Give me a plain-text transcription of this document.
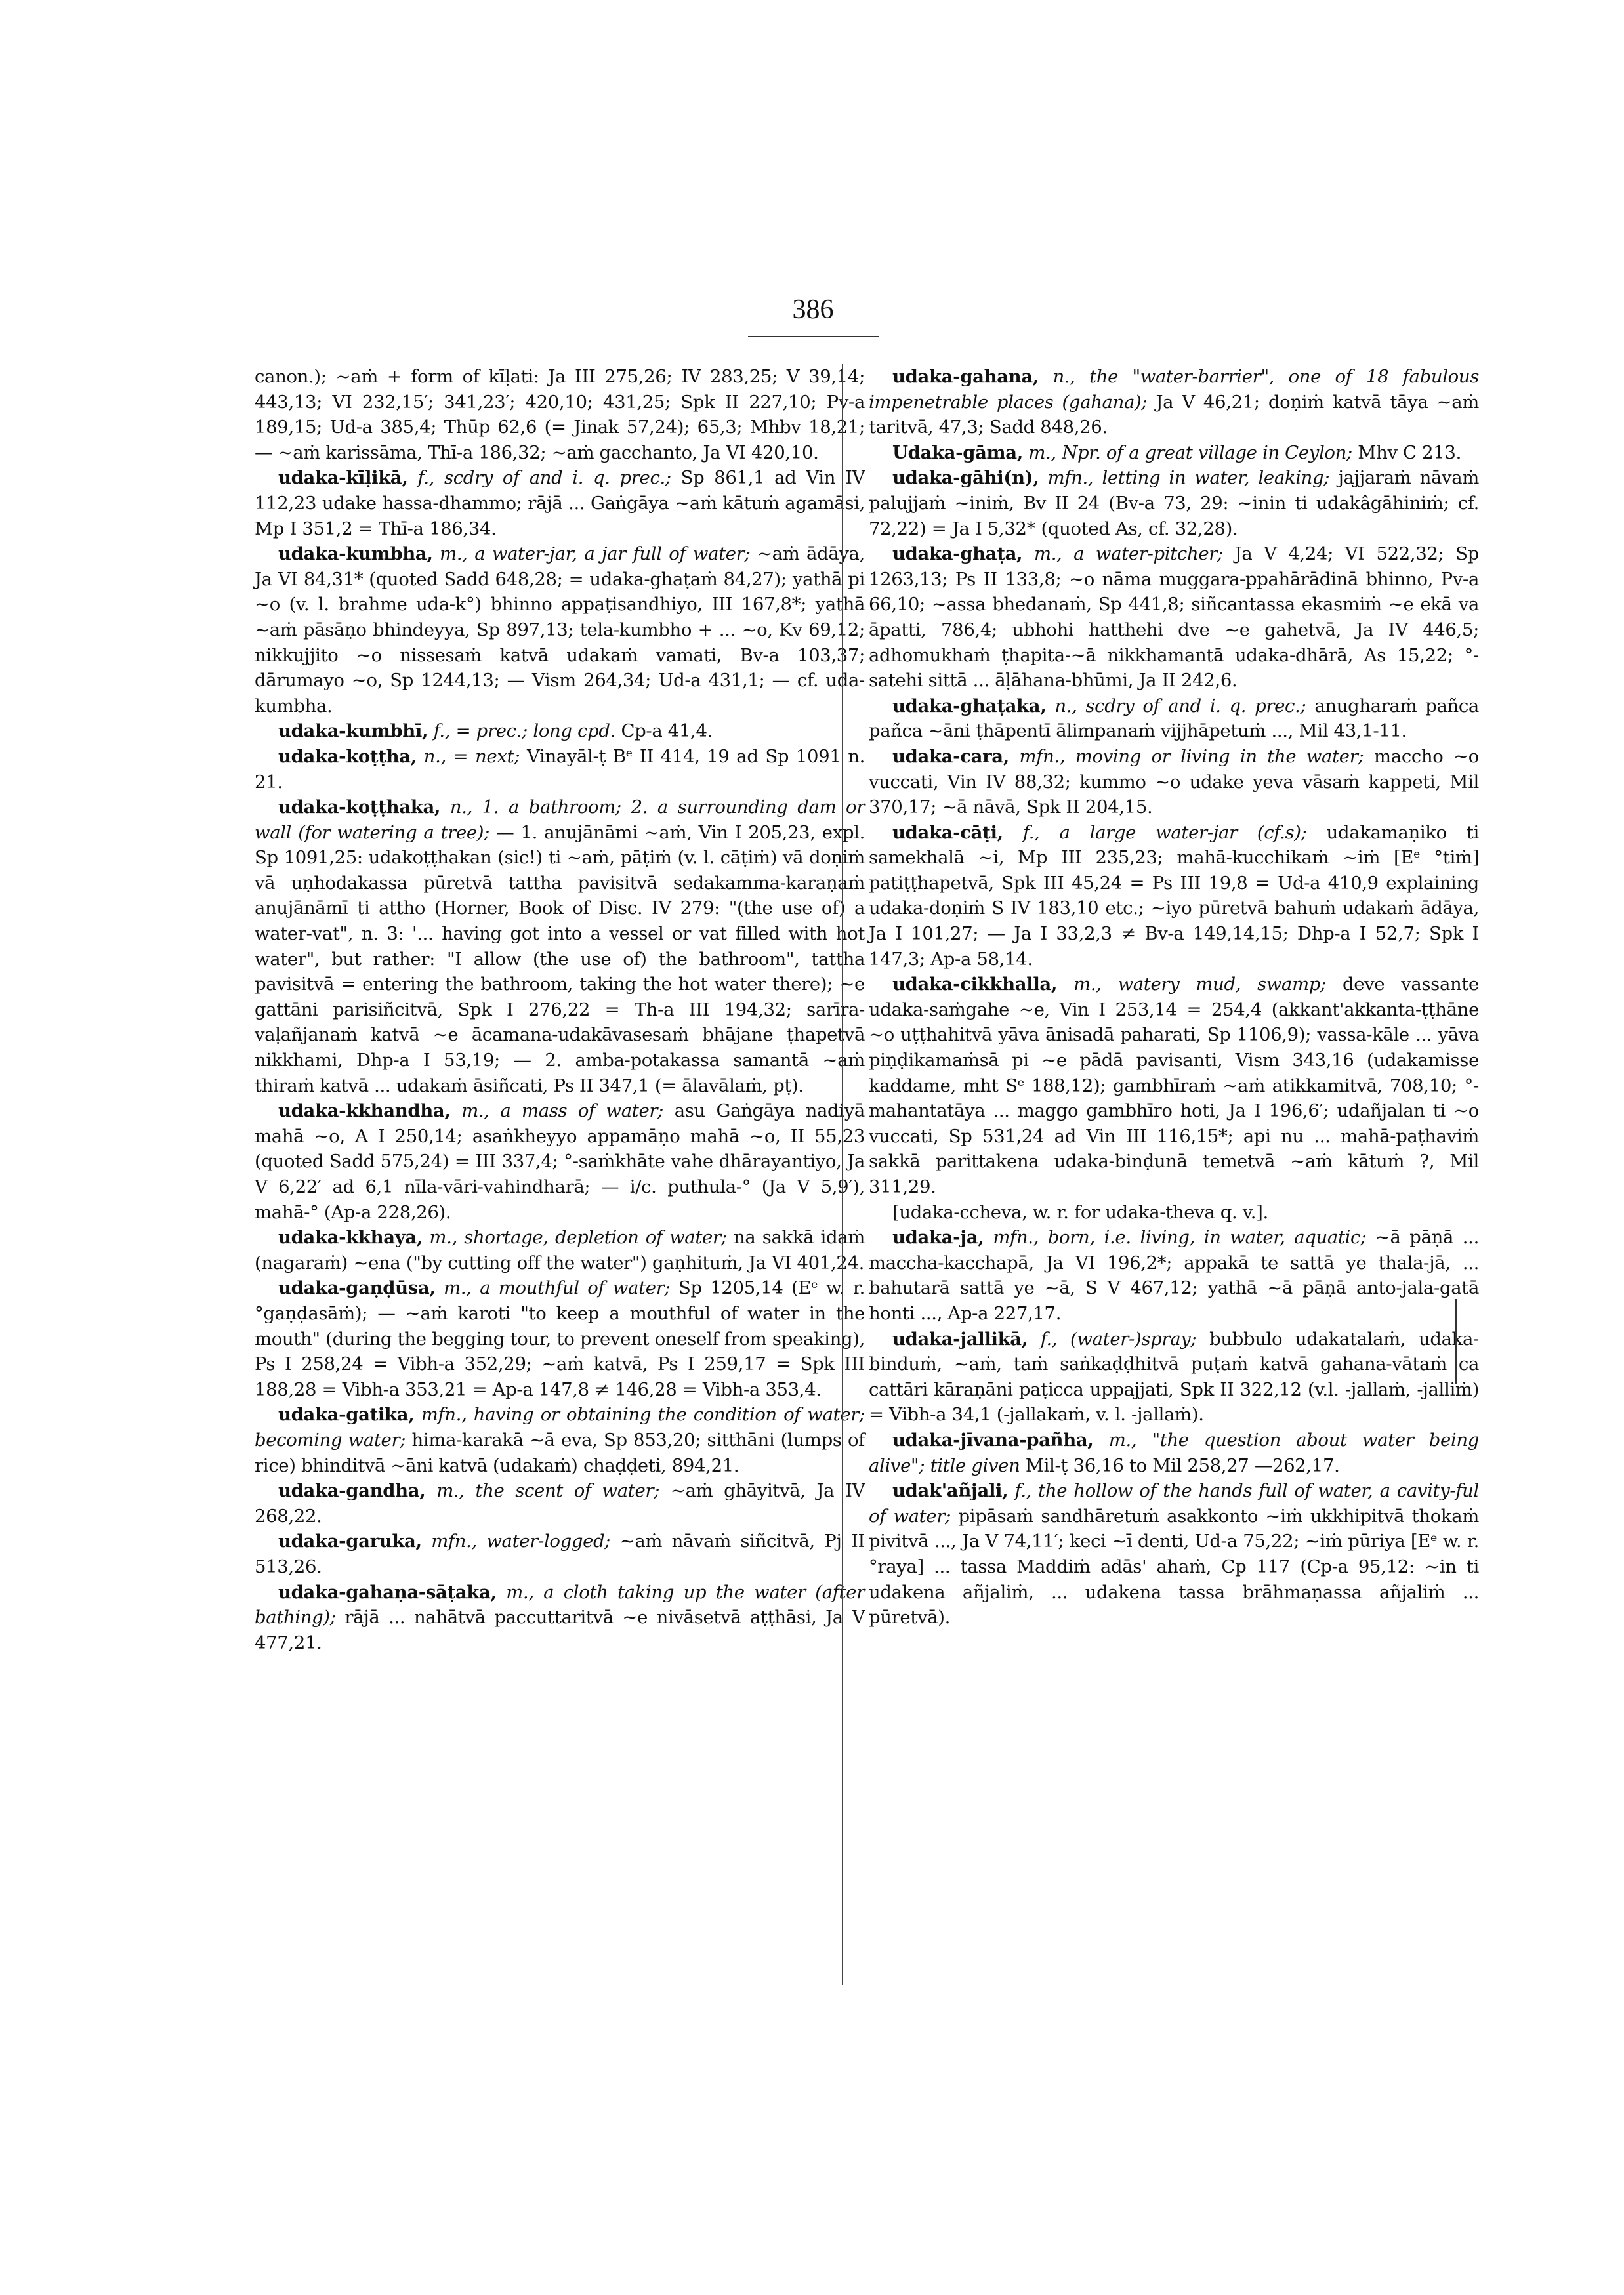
386

canon.); ~aṁ + form of kīḷati: Ja III 275,26; IV 283,25; V 39,14; 443,13; VI 232,15′; 341,23′; 420,10; 431,25; Spk II 227,10; Pv-a 189,15; Ud-a 385,4; Thūp 62,6 (= Jinak 57,24); 65,3; Mhbv 18,21; — ~aṁ karissāma, Thī-a 186,32; ~aṁ gacchanto, Ja VI 420,10.

udaka-kīḷikā, f., scdry of and i. q. prec.; Sp 861,1 ad Vin IV 112,23 udake hassa-dhammo; rājā ... Gaṅgāya ~aṁ kātuṁ agamāsi, Mp I 351,2 = Thī-a 186,34.

udaka-kumbha, m., a water-jar, a jar full of water; ~aṁ ādāya, Ja VI 84,31* (quoted Sadd 648,28; = udaka-ghaṭaṁ 84,27); yathā pi ~o (v. l. brahme uda-k°) bhinno appaṭisandhiyo, III 167,8*; yathā ~aṁ pāsāṇo bhindeyya, Sp 897,13; tela-kumbho + ... ~o, Kv 69,12; nikkujjito ~o nissesaṁ katvā udakaṁ vamati, Bv-a 103,37; dārumayo ~o, Sp 1244,13; — Vism 264,34; Ud-a 431,1; — cf. uda-kumbha.

udaka-kumbhī, f., = prec.; long cpd. Cp-a 41,4.

udaka-koṭṭha, n., = next; Vinayāl-ṭ Bᵉ II 414, 19 ad Sp 1091 n. 21.

udaka-koṭṭhaka, n., 1. a bathroom; 2. a surrounding dam or wall (for watering a tree); — 1. anujānāmi ~aṁ, Vin I 205,23, expl. Sp 1091,25: udakoṭṭhakan (sic!) ti ~aṁ, pāṭiṁ (v. l. cāṭiṁ) vā doṇiṁ vā uṇhodakassa pūretvā tattha pavisitvā sedakamma-karaṇaṁ anujānāmī ti attho (Horner, Book of Disc. IV 279: "(the use of) a water-vat", n. 3: '... having got into a vessel or vat filled with hot water", but rather: "I allow (the use of) the bathroom", tattha pavisitvā = entering the bathroom, taking the hot water there); ~e gattāni parisiñcitvā, Spk I 276,22 = Th-a III 194,32; sarīra-vaḷañjanaṁ katvā ~e ācamana-udakāvasesaṁ bhājane ṭhapetvā nikkhami, Dhp-a I 53,19; — 2. amba-potakassa samantā ~aṁ thiraṁ katvā ... udakaṁ āsiñcati, Ps II 347,1 (= ālavālaṁ, pṭ).

udaka-kkhandha, m., a mass of water; asu Gaṅgāya nadiyā mahā ~o, A I 250,14; asaṅkheyyo appamāṇo mahā ~o, II 55,23 (quoted Sadd 575,24) = III 337,4; °-saṁkhāte vahe dhārayantiyo, Ja V 6,22′ ad 6,1 nīla-vāri-vahindharā; — i/c. puthula-° (Ja V 5,9′), mahā-° (Ap-a 228,26).

udaka-kkhaya, m., shortage, depletion of water; na sakkā idaṁ (nagaraṁ) ~ena ("by cutting off the water") gaṇhituṁ, Ja VI 401,24.

udaka-gaṇḍūsa, m., a mouthful of water; Sp 1205,14 (Eᵉ w. r. °gaṇḍasāṁ); — ~aṁ karoti "to keep a mouthful of water in the mouth" (during the begging tour, to prevent oneself from speaking), Ps I 258,24 = Vibh-a 352,29; ~aṁ katvā, Ps I 259,17 = Spk III 188,28 = Vibh-a 353,21 = Ap-a 147,8 ≠ 146,28 = Vibh-a 353,4.

udaka-gatika, mfn., having or obtaining the condition of water; becoming water; hima-karakā ~ā eva, Sp 853,20; sitthāni (lumps of rice) bhinditvā ~āni katvā (udakaṁ) chaḍḍeti, 894,21.

udaka-gandha, m., the scent of water; ~aṁ ghāyitvā, Ja IV 268,22.

udaka-garuka, mfn., water-logged; ~aṁ nāvaṁ siñcitvā, Pj II 513,26.

udaka-gahaṇa-sāṭaka, m., a cloth taking up the water (after bathing); rājā ... nahātvā paccuttaritvā ~e nivāsetvā aṭṭhāsi, Ja V 477,21.

udaka-gahana, n., the "water-barrier", one of 18 fabulous impenetrable places (gahana); Ja V 46,21; doṇiṁ katvā tāya ~aṁ taritvā, 47,3; Sadd 848,26.

Udaka-gāma, m., Npr. of a great village in Ceylon; Mhv C 213.

udaka-gāhi(n), mfn., letting in water, leaking; jajjaraṁ nāvaṁ palujjaṁ ~iniṁ, Bv II 24 (Bv-a 73, 29: ~inin ti udakâgāhiniṁ; cf. 72,22) = Ja I 5,32* (quoted As, cf. 32,28).

udaka-ghaṭa, m., a water-pitcher; Ja V 4,24; VI 522,32; Sp 1263,13; Ps II 133,8; ~o nāma muggara-ppahārādinā bhinno, Pv-a 66,10; ~assa bhedanaṁ, Sp 441,8; siñcantassa ekasmiṁ ~e ekā va āpatti, 786,4; ubhohi hatthehi dve ~e gahetvā, Ja IV 446,5; adhomukhaṁ ṭhapita-~ā nikkhamantā udaka-dhārā, As 15,22; °-satehi sittā ... āḷāhana-bhūmi, Ja II 242,6.

udaka-ghaṭaka, n., scdry of and i. q. prec.; anugharaṁ pañca pañca ~āni ṭhāpentī ālimpanaṁ vijjhāpetuṁ ..., Mil 43,1-11.

udaka-cara, mfn., moving or living in the water; maccho ~o vuccati, Vin IV 88,32; kummo ~o udake yeva vāsaṁ kappeti, Mil 370,17; ~ā nāvā, Spk II 204,15.

udaka-cāṭi, f., a large water-jar (cf.s); udakamaṇiko ti samekhalā ~i, Mp III 235,23; mahā-kucchikaṁ ~iṁ [Eᵉ °tiṁ] patiṭṭhapetvā, Spk III 45,24 = Ps III 19,8 = Ud-a 410,9 explaining udaka-doṇiṁ S IV 183,10 etc.; ~iyo pūretvā bahuṁ udakaṁ ādāya, Ja I 101,27; — Ja I 33,2,3 ≠ Bv-a 149,14,15; Dhp-a I 52,7; Spk I 147,3; Ap-a 58,14.

udaka-cikkhalla, m., watery mud, swamp; deve vassante udaka-saṁgahe ~e, Vin I 253,14 = 254,4 (akkant'akkanta-ṭṭhāne ~o uṭṭhahitvā yāva ānisadā paharati, Sp 1106,9); vassa-kāle ... yāva piṇḍikamaṁsā pi ~e pādā pavisanti, Vism 343,16 (udakamisse kaddame, mht Sᵉ 188,12); gambhīraṁ ~aṁ atikkamitvā, 708,10; °-mahantatāya ... maggo gambhīro hoti, Ja I 196,6′; udañjalan ti ~o vuccati, Sp 531,24 ad Vin III 116,15*; api nu ... mahā-paṭhaviṁ sakkā parittakena udaka-binḍunā temetvā ~aṁ kātuṁ ?, Mil 311,29.

[udaka-ccheva, w. r. for udaka-theva q. v.].

udaka-ja, mfn., born, i.e. living, in water, aquatic; ~ā pāṇā ... maccha-kacchapā, Ja VI 196,2*; appakā te sattā ye thala-jā, ... bahutarā sattā ye ~ā, S V 467,12; yathā ~ā pāṇā anto-jala-gatā honti ..., Ap-a 227,17.

udaka-jallikā, f., (water-)spray; bubbulo udakatalaṁ, udaka-binduṁ, ~aṁ, taṁ saṅkaḍḍhitvā puṭaṁ katvā gahana-vātaṁ ca cattāri kāraṇāni paṭicca uppajjati, Spk II 322,12 (v.l. -jallaṁ, -jalliṁ) = Vibh-a 34,1 (-jallakaṁ, v. l. -jallaṁ).

udaka-jīvana-pañha, m., "the question about water being alive"; title given Mil-ṭ 36,16 to Mil 258,27 —262,17.

udak'añjali, f., the hollow of the hands full of water, a cavity-ful of water; pipāsaṁ sandhāretuṁ asakkonto ~iṁ ukkhipitvā thokaṁ pivitvā ..., Ja V 74,11′; keci ~ī denti, Ud-a 75,22; ~iṁ pūriya [Eᵉ w. r. °raya] ... tassa Maddiṁ adās' ahaṁ, Cp 117 (Cp-a 95,12: ~in ti udakena añjaliṁ, ... udakena tassa brāhmaṇassa añjaliṁ ... pūretvā).
